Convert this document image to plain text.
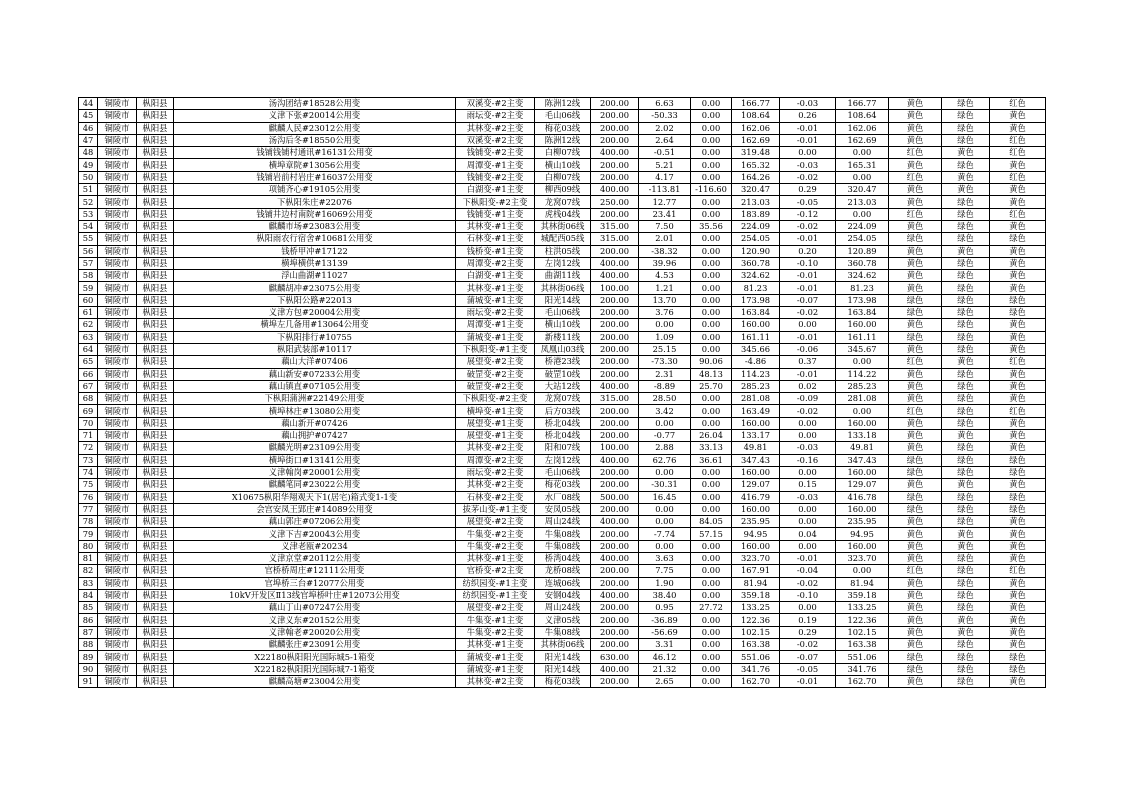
44	铜陵市	枞阳县	汤沟团结#18528公用变	双溪变-#2主变	陈洲12线	200.00	6.63	0.00	166.77	-0.03	166.77	黄色	绿色	红色
45	铜陵市	枞阳县	义津下张#20014公用变	雨坛变-#2主变	毛山06线	200.00	-50.33	0.00	108.64	0.26	108.64	黄色	绿色	黄色
46	铜陵市	枞阳县	麒麟人民#23012公用变	其林变-#2主变	梅花03线	200.00	2.02	0.00	162.06	-0.01	162.06	黄色	绿色	黄色
47	铜陵市	枞阳县	汤沟后冬#18550公用变	双溪变-#2主变	陈洲12线	200.00	2.64	0.00	162.69	-0.01	162.69	黄色	绿色	红色
48	铜陵市	枞阳县	钱铺钱铺村通讯#16131公用变	钱铺变-#2主变	白柳07线	400.00	-0.51	0.00	319.48	0.00	0.00	红色	黄色	红色
49	铜陵市	枞阳县	横埠章院#13056公用变	周潭变-#1主变	横山10线	200.00	5.21	0.00	165.32	-0.03	165.31	黄色	绿色	黄色
50	铜陵市	枞阳县	钱铺岩前村岩庄#16037公用变	钱铺变-#2主变	白柳07线	200.00	4.17	0.00	164.26	-0.02	0.00	红色	黄色	红色
51	铜陵市	枞阳县	项铺齐心#19105公用变	白湖变-#1主变	柳西09线	400.00	-113.81	-116.60	320.47	0.29	320.47	黄色	黄色	黄色
52	铜陵市	枞阳县	下枞阳朱庄#22076	下枞阳变-#2主变	龙窝07线	250.00	12.77	0.00	213.03	-0.05	213.03	黄色	绿色	黄色
53	铜陵市	枞阳县	钱铺井边村南院#16069公用变	钱铺变-#1主变	虎栈04线	200.00	23.41	0.00	183.89	-0.12	0.00	红色	绿色	红色
54	铜陵市	枞阳县	麒麟市场#23083公用变	其林变-#1主变	其林街06线	315.00	7.50	35.56	224.09	-0.02	224.09	黄色	绿色	黄色
55	铜陵市	枞阳县	枞阳雨农行宿舍#10681公用变	石林变-#1主变	城配西05线	315.00	2.01	0.00	254.05	-0.01	254.05	绿色	绿色	绿色
56	铜陵市	枞阳县	钱桥甲冲#17122	钱桥变-#1主变	柱洪05线	200.00	-38.32	0.00	120.90	0.20	120.89	黄色	黄色	黄色
57	铜陵市	枞阳县	横埠横供#13139	周潭变-#2主变	左岗12线	400.00	39.96	0.00	360.78	-0.10	360.78	黄色	绿色	黄色
58	铜陵市	枞阳县	浮山曲湖#11027	白湖变-#1主变	曲湖11线	400.00	4.53	0.00	324.62	-0.01	324.62	黄色	绿色	黄色
59	铜陵市	枞阳县	麒麟胡冲#23075公用变	其林变-#1主变	其林街06线	100.00	1.21	0.00	81.23	-0.01	81.23	黄色	绿色	黄色
60	铜陵市	枞阳县	下枞阳公路#22013	蒲城变-#1主变	阳光14线	200.00	13.70	0.00	173.98	-0.07	173.98	绿色	绿色	绿色
61	铜陵市	枞阳县	义津方包#20004公用变	雨坛变-#2主变	毛山06线	200.00	3.76	0.00	163.84	-0.02	163.84	绿色	绿色	绿色
62	铜陵市	枞阳县	横埠左几备用#13064公用变	周潭变-#1主变	横山10线	200.00	0.00	0.00	160.00	0.00	160.00	黄色	绿色	黄色
63	铜陵市	枞阳县	下枞阳排行#10755	蒲城变-#1主变	新楼11线	200.00	1.09	0.00	161.11	-0.01	161.11	绿色	绿色	黄色
64	铜陵市	枞阳县	枞阳武装部#10117	下枞阳变-#1主变	凤凰山03线	200.00	25.15	0.00	345.66	-0.06	345.67	黄色	绿色	黄色
65	铜陵市	枞阳县	藕山大洋#07406	展望变-#2主变	桥港23线	200.00	-73.30	90.06	-4.86	0.37	0.00	红色	黄色	红色
66	铜陵市	枞阳县	藕山新安#07233公用变	破罡变-#2主变	破罡10线	200.00	2.31	48.13	114.23	-0.01	114.22	黄色	绿色	黄色
67	铜陵市	枞阳县	藕山镇直#07105公用变	破罡变-#2主变	大站12线	400.00	-8.89	25.70	285.23	0.02	285.23	黄色	绿色	黄色
68	铜陵市	枞阳县	下枞阳蒲洲#22149公用变	下枞阳变-#2主变	龙窝07线	315.00	28.50	0.00	281.08	-0.09	281.08	黄色	绿色	黄色
69	铜陵市	枞阳县	横埠林庄#13080公用变	横埠变-#1主变	后方03线	200.00	3.42	0.00	163.49	-0.02	0.00	红色	绿色	红色
70	铜陵市	枞阳县	藕山新开#07426	展望变-#1主变	桥北04线	200.00	0.00	0.00	160.00	0.00	160.00	黄色	绿色	黄色
71	铜陵市	枞阳县	藕山拥护#07427	展望变-#1主变	桥北04线	200.00	-0.77	26.04	133.17	0.00	133.18	黄色	黄色	黄色
72	铜陵市	枞阳县	麒麟光明#23109公用变	其林变-#2主变	阳和07线	100.00	2.88	33.13	49.81	-0.03	49.81	黄色	绿色	黄色
73	铜陵市	枞阳县	横埠街口#13141公用变	周潭变-#2主变	左岗12线	400.00	62.76	36.61	347.43	-0.16	347.43	绿色	绿色	绿色
74	铜陵市	枞阳县	义津翰岗#20001公用变	雨坛变-#2主变	毛山06线	200.00	0.00	0.00	160.00	0.00	160.00	绿色	绿色	绿色
75	铜陵市	枞阳县	麒麟笔同#23022公用变	其林变-#2主变	梅花03线	200.00	-30.31	0.00	129.07	0.15	129.07	黄色	黄色	黄色
76	铜陵市	枞阳县	X10675枞阳华翔观天下1(居宅)箱式变1-1变	石林变-#2主变	水厂08线	500.00	16.45	0.00	416.79	-0.03	416.78	绿色	绿色	绿色
77	铜陵市	枞阳县	会宫安凤王郢庄#14089公用变	拔茅山变-#1主变	安凤05线	200.00	0.00	0.00	160.00	0.00	160.00	绿色	绿色	绿色
78	铜陵市	枞阳县	藕山郭庄#07206公用变	展望变-#2主变	周山24线	400.00	0.00	84.05	235.95	0.00	235.95	黄色	绿色	黄色
79	铜陵市	枞阳县	义津下吉#20043公用变	牛集变-#2主变	牛集08线	200.00	-7.74	57.15	94.95	0.04	94.95	黄色	黄色	黄色
80	铜陵市	枞阳县	义津老瓯#20234	牛集变-#2主变	牛集08线	200.00	0.00	0.00	160.00	0.00	160.00	黄色	黄色	黄色
81	铜陵市	枞阳县	义津京堂#20112公用变	其林变-#1主变	桥湾04线	400.00	3.63	0.00	323.70	-0.01	323.70	黄色	绿色	黄色
82	铜陵市	枞阳县	官桥桥周庄#12111公用变	官桥变-#2主变	龙桥08线	200.00	7.75	0.00	167.91	-0.04	0.00	红色	绿色	红色
83	铜陵市	枞阳县	官埠桥三台#12077公用变	纺织园变-#1主变	连城06线	200.00	1.90	0.00	81.94	-0.02	81.94	黄色	绿色	黄色
84	铜陵市	枞阳县	10kV开发区Ⅱ13线官埠桥叶庄#12073公用变	纺织园变-#1主变	安钢04线	400.00	38.40	0.00	359.18	-0.10	359.18	黄色	绿色	黄色
85	铜陵市	枞阳县	藕山丁山#07247公用变	展望变-#2主变	周山24线	200.00	0.95	27.72	133.25	0.00	133.25	黄色	绿色	黄色
86	铜陵市	枞阳县	义津义东#20152公用变	牛集变-#1主变	义津05线	200.00	-36.89	0.00	122.36	0.19	122.36	黄色	黄色	黄色
87	铜陵市	枞阳县	义津翰老#20020公用变	牛集变-#2主变	牛集08线	200.00	-56.69	0.00	102.15	0.29	102.15	黄色	黄色	黄色
88	铜陵市	枞阳县	麒麟张庄#23091公用变	其林变-#1主变	其林街06线	200.00	3.31	0.00	163.38	-0.02	163.38	黄色	绿色	黄色
89	铜陵市	枞阳县	X22180枞阳阳光国际城5-1箱变	蒲城变-#1主变	阳光14线	630.00	46.12	0.00	551.06	-0.07	551.06	绿色	绿色	绿色
90	铜陵市	枞阳县	X22182枞阳阳光国际城7-1箱变	蒲城变-#1主变	阳光14线	400.00	21.32	0.00	341.76	-0.05	341.76	绿色	绿色	绿色
91	铜陵市	枞阳县	麒麟高塘#23004公用变	其林变-#2主变	梅花03线	200.00	2.65	0.00	162.70	-0.01	162.70	黄色	绿色	黄色
